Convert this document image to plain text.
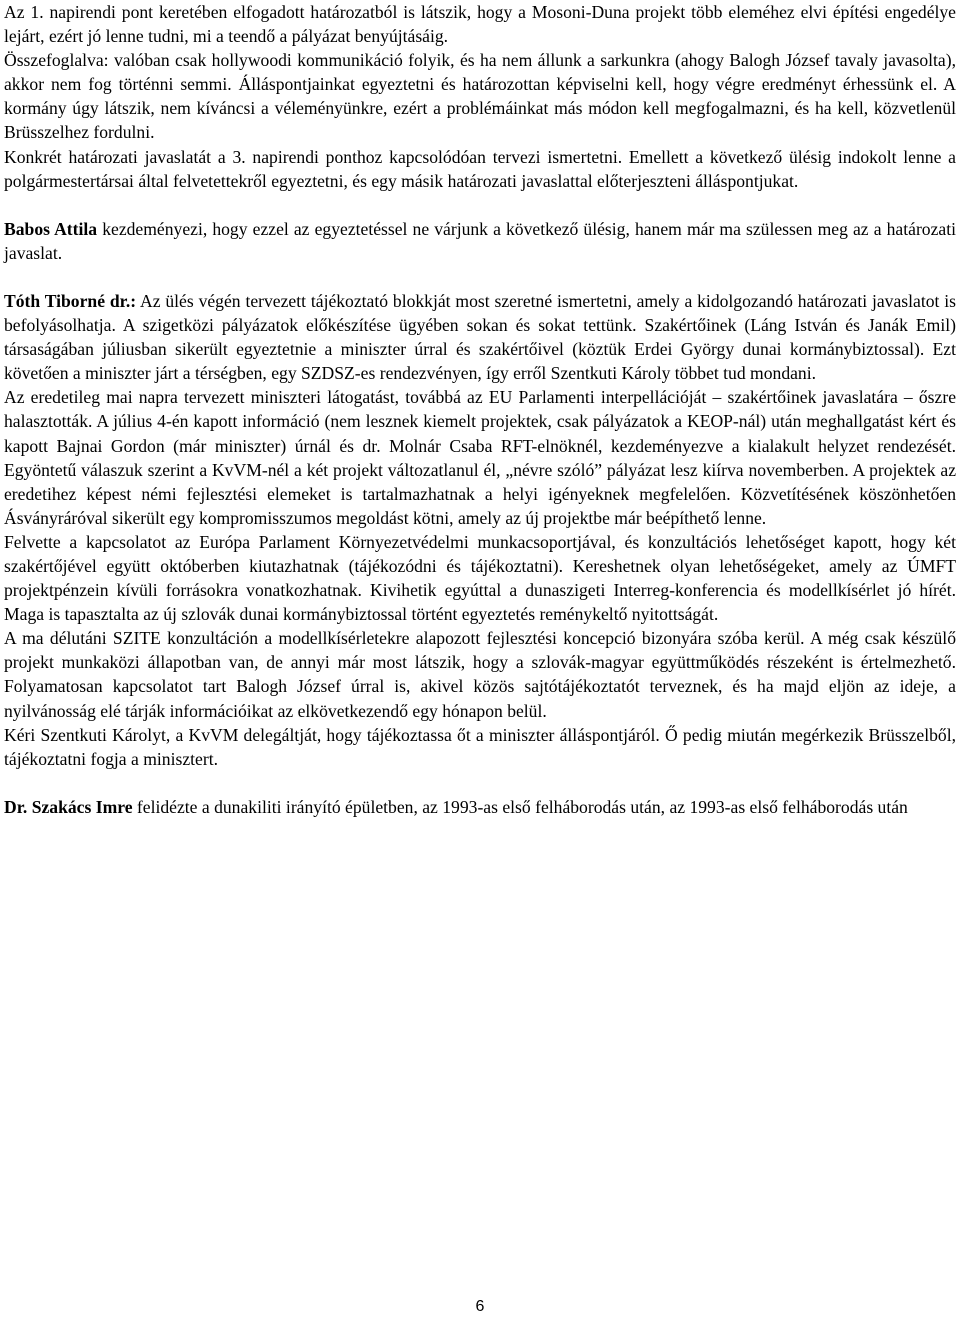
Az 1. napirendi pont keretében elfogadott határozatból is látszik, hogy a Mosoni-Duna projekt több eleméhez elvi építési engedélye lejárt, ezért jó lenne tudni, mi a teendő a pályázat benyújtásáig.

Összefoglalva: valóban csak hollywoodi kommunikáció folyik, és ha nem állunk a sarkunkra (ahogy Balogh József tavaly javasolta), akkor nem fog történni semmi. Álláspontjainkat egyeztetni és határozottan képviselni kell, hogy végre eredményt érhessünk el. A kormány úgy látszik, nem kíváncsi a véleményünkre, ezért a problémáinkat más módon kell megfogalmazni, és ha kell, közvetlenül Brüsszelhez fordulni.

Konkrét határozati javaslatát a 3. napirendi ponthoz kapcsolódóan tervezi ismertetni. Emellett a következő ülésig indokolt lenne a polgármestertársai által felvetettekről egyeztetni, és egy másik határozati javaslattal előterjeszteni álláspontjukat.

Babos Attila kezdeményezi, hogy ezzel az egyeztetéssel ne várjunk a következő ülésig, hanem már ma szülessen meg az a határozati javaslat.

Tóth Tiborné dr.: Az ülés végén tervezett tájékoztató blokkját most szeretné ismertetni, amely a kidolgozandó határozati javaslatot is befolyásolhatja. A szigetközi pályázatok előkészítése ügyében sokan és sokat tettünk. Szakértőinek (Láng István és Janák Emil) társaságában júliusban sikerült egyeztetnie a miniszter úrral és szakértőivel (köztük Erdei György dunai kormánybiztossal). Ezt követően a miniszter járt a térségben, egy SZDSZ-es rendezvényen, így erről Szentkuti Károly többet tud mondani.

Az eredetileg mai napra tervezett miniszteri látogatást, továbbá az EU Parlamenti interpellációját – szakértőinek javaslatára – őszre halasztották. A július 4-én kapott információ (nem lesznek kiemelt projektek, csak pályázatok a KEOP-nál) után meghallgatást kért és kapott Bajnai Gordon (már miniszter) úrnál és dr. Molnár Csaba RFT-elnöknél, kezdeményezve a kialakult helyzet rendezését. Egyöntetű válaszuk szerint a KvVM-nél a két projekt változatlanul él, „névre szóló” pályázat lesz kiírva novemberben. A projektek az eredetihez képest némi fejlesztési elemeket is tartalmazhatnak a helyi igényeknek megfelelően. Közvetítésének köszönhetően Ásványráróval sikerült egy kompromisszumos megoldást kötni, amely az új projektbe már beépíthető lenne.

Felvette a kapcsolatot az Európa Parlament Környezetvédelmi munkacsoportjával, és konzultációs lehetőséget kapott, hogy két szakértőjével együtt októberben kiutazhatnak (tájékozódni és tájékoztatni). Kereshetnek olyan lehetőségeket, amely az ÚMFT projektpénzein kívüli forrásokra vonatkozhatnak. Kivihetik egyúttal a dunaszigeti Interreg-konferencia és modellkísérlet jó hírét. Maga is tapasztalta az új szlovák dunai kormánybiztossal történt egyeztetés reménykeltő nyitottságát.

A ma délutáni SZITE konzultáción a modellkísérletekre alapozott fejlesztési koncepció bizonyára szóba kerül. A még csak készülő projekt munkaközi állapotban van, de annyi már most látszik, hogy a szlovák-magyar együttműködés részeként is értelmezhető. Folyamatosan kapcsolatot tart Balogh József úrral is, akivel közös sajtótájékoztatót terveznek, és ha majd eljön az ideje, a nyilvánosság elé tárják információikat az elkövetkezendő egy hónapon belül.

Kéri Szentkuti Károlyt, a KvVM delegáltját, hogy tájékoztassa őt a miniszter álláspontjáról. Ő pedig miután megérkezik Brüsszelből, tájékoztatni fogja a minisztert.

Dr. Szakács Imre felidézte a dunakiliti irányító épületben, az 1993-as első felháborodás után, az 1993-as első felháborodás után

6
